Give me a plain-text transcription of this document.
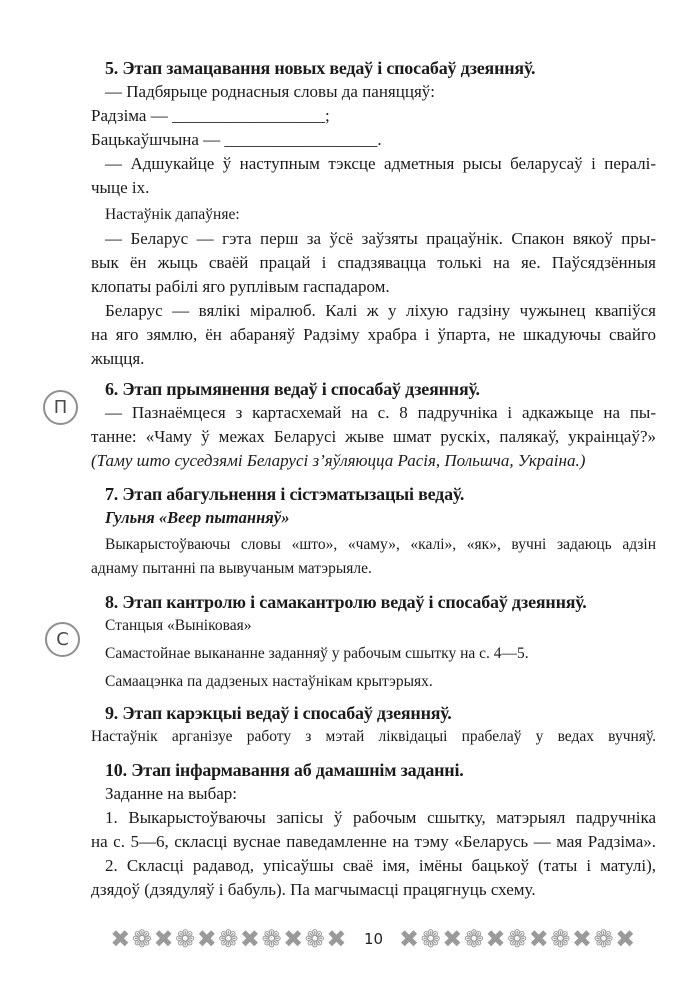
5. Этап замацавання новых ведаў і спосабаў дзеянняў.
— Падбярыце роднасныя словы да паняццяў:
Радзіма — __________________;
Бацькаўшчына — __________________.
— Адшукайце ў наступным тэксце адметныя рысы беларусаў і пералі-
чыце іх.
Настаўнік дапаўняе:
— Беларус — гэта перш за ўсё заўзяты працаўнік. Спакон вякоў пры-
вык ён жыць сваёй працай і спадзявацца толькі на яе. Паўсядзённыя
клопаты рабілі яго руплівым гаспадаром.
Беларус — вялікі міралюб. Калі ж у ліхую гадзіну чужынец квапіўся
на яго зямлю, ён абараняў Радзіму храбра і ўпарта, не шкадуючы свайго
жыцця.
6. Этап прымянення ведаў і спосабаў дзеянняў.
— Пазнаёмцеся з картасхемай на с. 8 падручніка і адкажыце на пы-
танне: «Чаму ў межах Беларусі жыве шмат рускіх, палякаў, украінцаў?»
(Таму што суседзямі Беларусі з’яўляюцца Расія, Польшча, Украіна.)
7. Этап абагульнення і сістэматызацыі ведаў.
Гульня «Веер пытанняў»
Выкарыстоўваючы словы «што», «чаму», «калі», «як», вучні задаюць адзін
аднаму пытанні па вывучаным матэрыяле.
8. Этап кантролю і самакантролю ведаў і спосабаў дзеянняў.
Станцыя «Выніковая»
Самастойнае выкананне заданняў у рабочым сшытку на с. 4—5.
Самаацэнка па дадзеных настаўнікам крытэрыях.
9. Этап карэкцыі ведаў і спосабаў дзеянняў.
Настаўнік арганізуе работу з мэтай ліквідацыі прабелаў у ведах вучняў.
10. Этап інфармавання аб дамашнім заданні.
Заданне на выбар:
1. Выкарыстоўваючы запісы ў рабочым сшытку, матэрыял падручніка
на с. 5—6, скласці вуснае паведамленне на тэму «Беларусь — мая Радзіма».
2. Скласці радавод, упісаўшы сваё імя, імёны бацькоў (таты і матулі),
дзядоў (дзядуляў і бабуль). Па магчымасці працягнуць схему.
П
С
✖❁✖❁✖❁✖❁✖❁✖ 10 ✖❁✖❁✖❁✖❁✖❁✖
